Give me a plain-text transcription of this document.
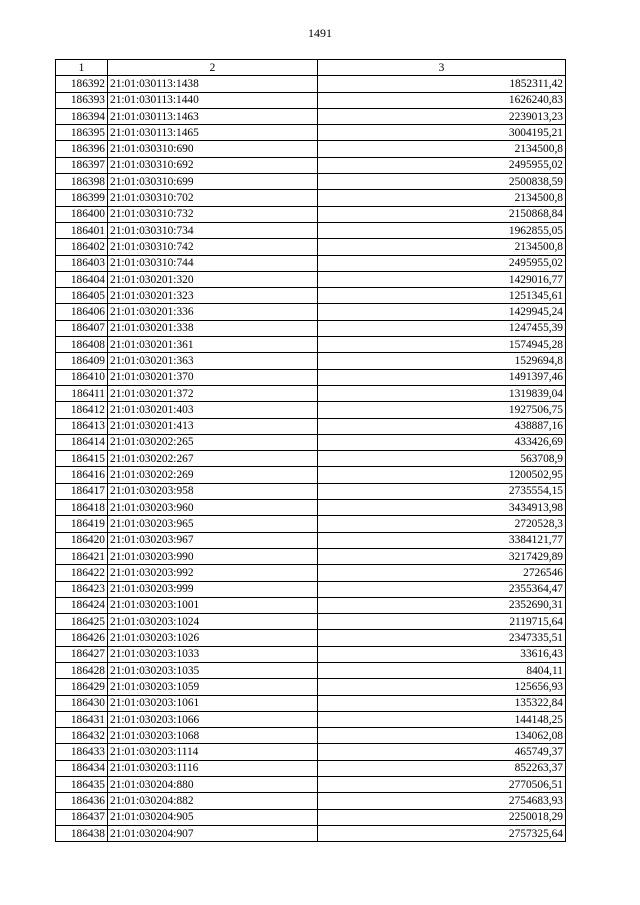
1491
1	2	3
186392	21:01:030113:1438	1852311,42
186393	21:01:030113:1440	1626240,83
186394	21:01:030113:1463	2239013,23
186395	21:01:030113:1465	3004195,21
186396	21:01:030310:690	2134500,8
186397	21:01:030310:692	2495955,02
186398	21:01:030310:699	2500838,59
186399	21:01:030310:702	2134500,8
186400	21:01:030310:732	2150868,84
186401	21:01:030310:734	1962855,05
186402	21:01:030310:742	2134500,8
186403	21:01:030310:744	2495955,02
186404	21:01:030201:320	1429016,77
186405	21:01:030201:323	1251345,61
186406	21:01:030201:336	1429945,24
186407	21:01:030201:338	1247455,39
186408	21:01:030201:361	1574945,28
186409	21:01:030201:363	1529694,8
186410	21:01:030201:370	1491397,46
186411	21:01:030201:372	1319839,04
186412	21:01:030201:403	1927506,75
186413	21:01:030201:413	438887,16
186414	21:01:030202:265	433426,69
186415	21:01:030202:267	563708,9
186416	21:01:030202:269	1200502,95
186417	21:01:030203:958	2735554,15
186418	21:01:030203:960	3434913,98
186419	21:01:030203:965	2720528,3
186420	21:01:030203:967	3384121,77
186421	21:01:030203:990	3217429,89
186422	21:01:030203:992	2726546
186423	21:01:030203:999	2355364,47
186424	21:01:030203:1001	2352690,31
186425	21:01:030203:1024	2119715,64
186426	21:01:030203:1026	2347335,51
186427	21:01:030203:1033	33616,43
186428	21:01:030203:1035	8404,11
186429	21:01:030203:1059	125656,93
186430	21:01:030203:1061	135322,84
186431	21:01:030203:1066	144148,25
186432	21:01:030203:1068	134062,08
186433	21:01:030203:1114	465749,37
186434	21:01:030203:1116	852263,37
186435	21:01:030204:880	2770506,51
186436	21:01:030204:882	2754683,93
186437	21:01:030204:905	2250018,29
186438	21:01:030204:907	2757325,64
